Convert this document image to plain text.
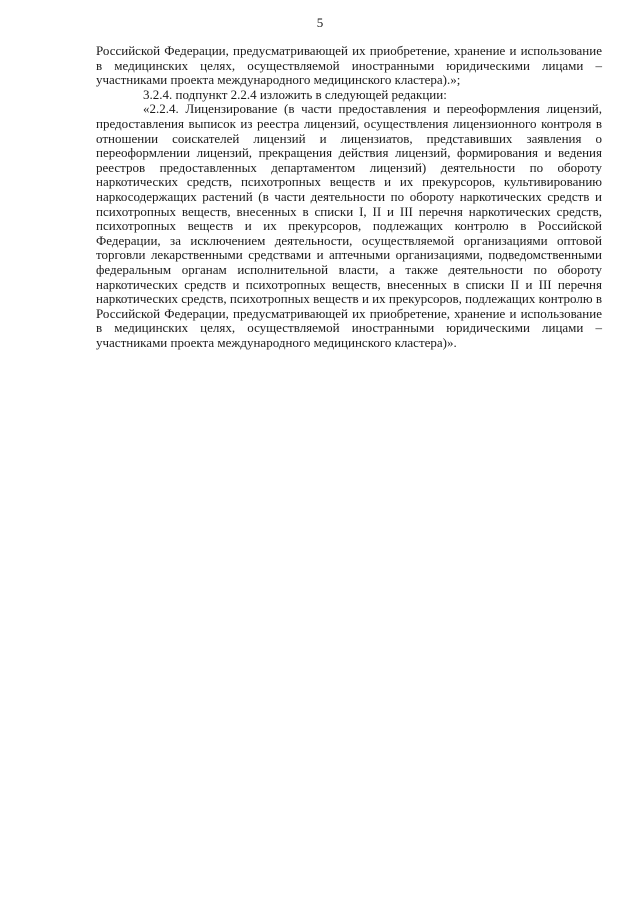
5

Российской Федерации, предусматривающей их приобретение, хранение и использование в медицинских целях, осуществляемой иностранными юридическими лицами – участниками проекта международного медицинского кластера).»;

3.2.4. подпункт 2.2.4 изложить в следующей редакции:

«2.2.4. Лицензирование (в части предоставления и переоформления лицензий, предоставления выписок из реестра лицензий, осуществления лицензионного контроля в отношении соискателей лицензий и лицензиатов, представивших заявления о переоформлении лицензий, прекращения действия лицензий, формирования и ведения реестров предоставленных департаментом лицензий) деятельности по обороту наркотических средств, психотропных веществ и их прекурсоров, культивированию наркосодержащих растений (в части деятельности по обороту наркотических средств и психотропных веществ, внесенных в списки I, II и III перечня наркотических средств, психотропных веществ и их прекурсоров, подлежащих контролю в Российской Федерации, за исключением деятельности, осуществляемой организациями оптовой торговли лекарственными средствами и аптечными организациями, подведомственными федеральным органам исполнительной власти, а также деятельности по обороту наркотических средств и психотропных веществ, внесенных в списки II и III перечня наркотических средств, психотропных веществ и их прекурсоров, подлежащих контролю в Российской Федерации, предусматривающей их приобретение, хранение и использование в медицинских целях, осуществляемой иностранными юридическими лицами – участниками проекта международного медицинского кластера)».
